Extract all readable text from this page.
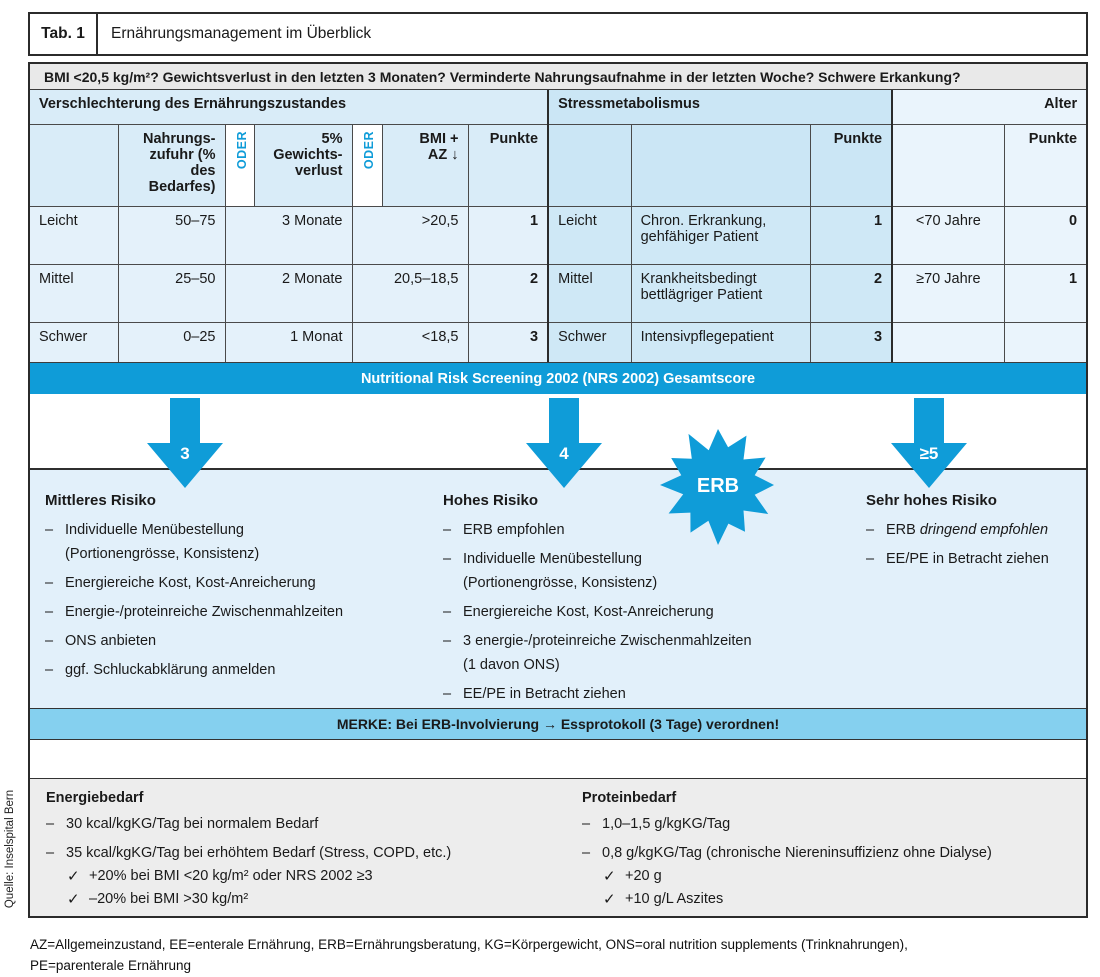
Tab. 1	Ernährungsmanagement im Überblick
BMI <20,5 kg/m²? Gewichtsverlust in den letzten 3 Monaten? Verminderte Nahrungsaufnahme in der letzten Woche? Schwere Erkankung?
Verschlechterung des Ernährungszustandes							Stressmetabolismus			Alter	
	Nahrungs-
zufuhr (% des
Bedarfes)	ODER	5%
Gewichts-
verlust	ODER	BMI +
AZ ↓	Punkte			Punkte		Punkte
Leicht	50–75	3 Monate		>20,5		1	Leicht	Chron. Erkrankung, gehfähiger Patient	1	<70 Jahre	0
Mittel	25–50	2 Monate		20,5–18,5		2	Mittel	Krankheitsbedingt bettlägriger Patient	2	≥70 Jahre	1
Schwer	0–25	1 Monat		<18,5		3	Schwer	Intensivpflegepatient	3		
Nutritional Risk Screening 2002 (NRS 2002) Gesamtscore
3	4	≥5
ERB
Mittleres Risiko
– Individuelle Menübestellung
(Portionengrösse, Konsistenz)
– Energiereiche Kost, Kost-Anreicherung
– Energie-/proteinreiche Zwischenmahlzeiten
– ONS anbieten
– ggf. Schluckabklärung anmelden
Hohes Risiko
– ERB empfohlen
– Individuelle Menübestellung
(Portionengrösse, Konsistenz)
– Energiereiche Kost, Kost-Anreicherung
– 3 energie-/proteinreiche Zwischenmahlzeiten
(1 davon ONS)
– EE/PE in Betracht ziehen
Sehr hohes Risiko
– ERB dringend empfohlen
– EE/PE in Betracht ziehen
MERKE: Bei ERB-Involvierung → Essprotokoll (3 Tage) verordnen!
Energiebedarf
– 30 kcal/kgKG/Tag bei normalem Bedarf
– 35 kcal/kgKG/Tag bei erhöhtem Bedarf (Stress, COPD, etc.)
✓ +20% bei BMI <20 kg/m² oder NRS 2002 ≥3
✓ –20% bei BMI >30 kg/m²
Proteinbedarf
– 1,0–1,5 g/kgKG/Tag
– 0,8 g/kgKG/Tag (chronische Niereninsuffizienz ohne Dialyse)
✓ +20 g
✓ +10 g/L Aszites
Quelle: Inselspital Bern
AZ=Allgemeinzustand, EE=enterale Ernährung, ERB=Ernährungsberatung, KG=Körpergewicht, ONS=oral nutrition supplements (Trinknahrungen),
PE=parenterale Ernährung
